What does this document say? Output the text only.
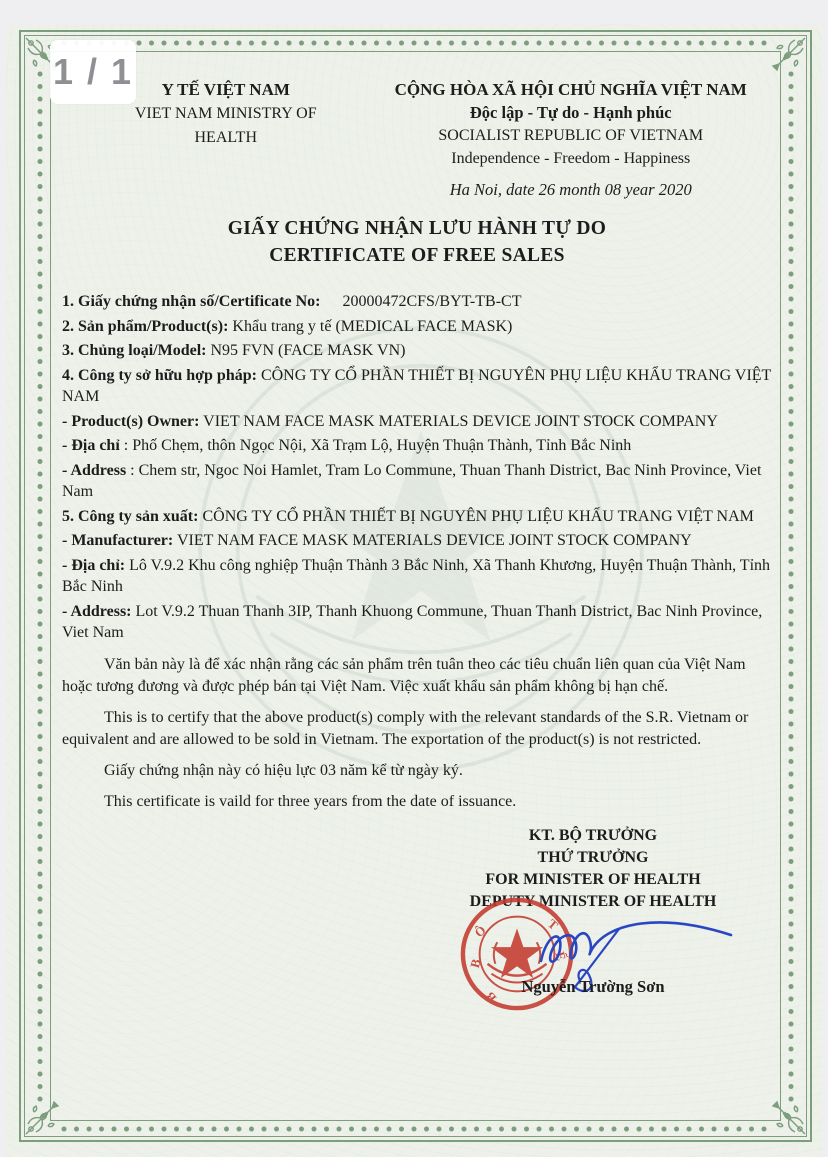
Y TẾ VIỆT NAM
VIET NAM MINISTRY OF
HEALTH
CỘNG HÒA XÃ HỘI CHỦ NGHĨA VIỆT NAM
Độc lập - Tự do - Hạnh phúc
SOCIALIST REPUBLIC OF VIETNAM
Independence - Freedom - Happiness
Ha Noi, date 26 month 08 year 2020
GIẤY CHỨNG NHẬN LƯU HÀNH TỰ DO
CERTIFICATE OF FREE SALES
1. Giấy chứng nhận số/Certificate No: 20000472CFS/BYT-TB-CT
2. Sản phẩm/Product(s): Khẩu trang y tế (MEDICAL FACE MASK)
3. Chủng loại/Model: N95 FVN (FACE MASK VN)
4. Công ty sở hữu hợp pháp: CÔNG TY CỔ PHẦN THIẾT BỊ NGUYÊN PHỤ LIỆU KHẨU TRANG VIỆT NAM
- Product(s) Owner: VIET NAM FACE MASK MATERIALS DEVICE JOINT STOCK COMPANY
- Địa chỉ : Phố Chẹm, thôn Ngọc Nội, Xã Trạm Lộ, Huyện Thuận Thành, Tỉnh Bắc Ninh
- Address : Chem str, Ngoc Noi Hamlet, Tram Lo Commune, Thuan Thanh District, Bac Ninh Province, Viet Nam
5. Công ty sản xuất: CÔNG TY CỔ PHẦN THIẾT BỊ NGUYÊN PHỤ LIỆU KHẨU TRANG VIỆT NAM
- Manufacturer: VIET NAM FACE MASK MATERIALS DEVICE JOINT STOCK COMPANY
- Địa chỉ: Lô V.9.2 Khu công nghiệp Thuận Thành 3 Bắc Ninh, Xã Thanh Khương, Huyện Thuận Thành, Tỉnh Bắc Ninh
- Address: Lot V.9.2 Thuan Thanh 3IP, Thanh Khuong Commune, Thuan Thanh District, Bac Ninh Province, Viet Nam

Văn bản này là để xác nhận rằng các sản phẩm trên tuân theo các tiêu chuẩn liên quan của Việt Nam hoặc tương đương và được phép bán tại Việt Nam. Việc xuất khẩu sản phẩm không bị hạn chế.

This is to certify that the above product(s) comply with the relevant standards of the S.R. Vietnam or equivalent and are allowed to be sold in Vietnam. The exportation of the product(s) is not restricted.

Giấy chứng nhận này có hiệu lực 03 năm kể từ ngày ký.

This certificate is vaild for three years from the date of issuance.

KT. BỘ TRƯỞNG
THỨ TRƯỞNG
FOR MINISTER OF HEALTH
DEPUTY MINISTER OF HEALTH
B
Ộ	T
Ế
B
Nguyễn Trường Sơn
1 / 1
